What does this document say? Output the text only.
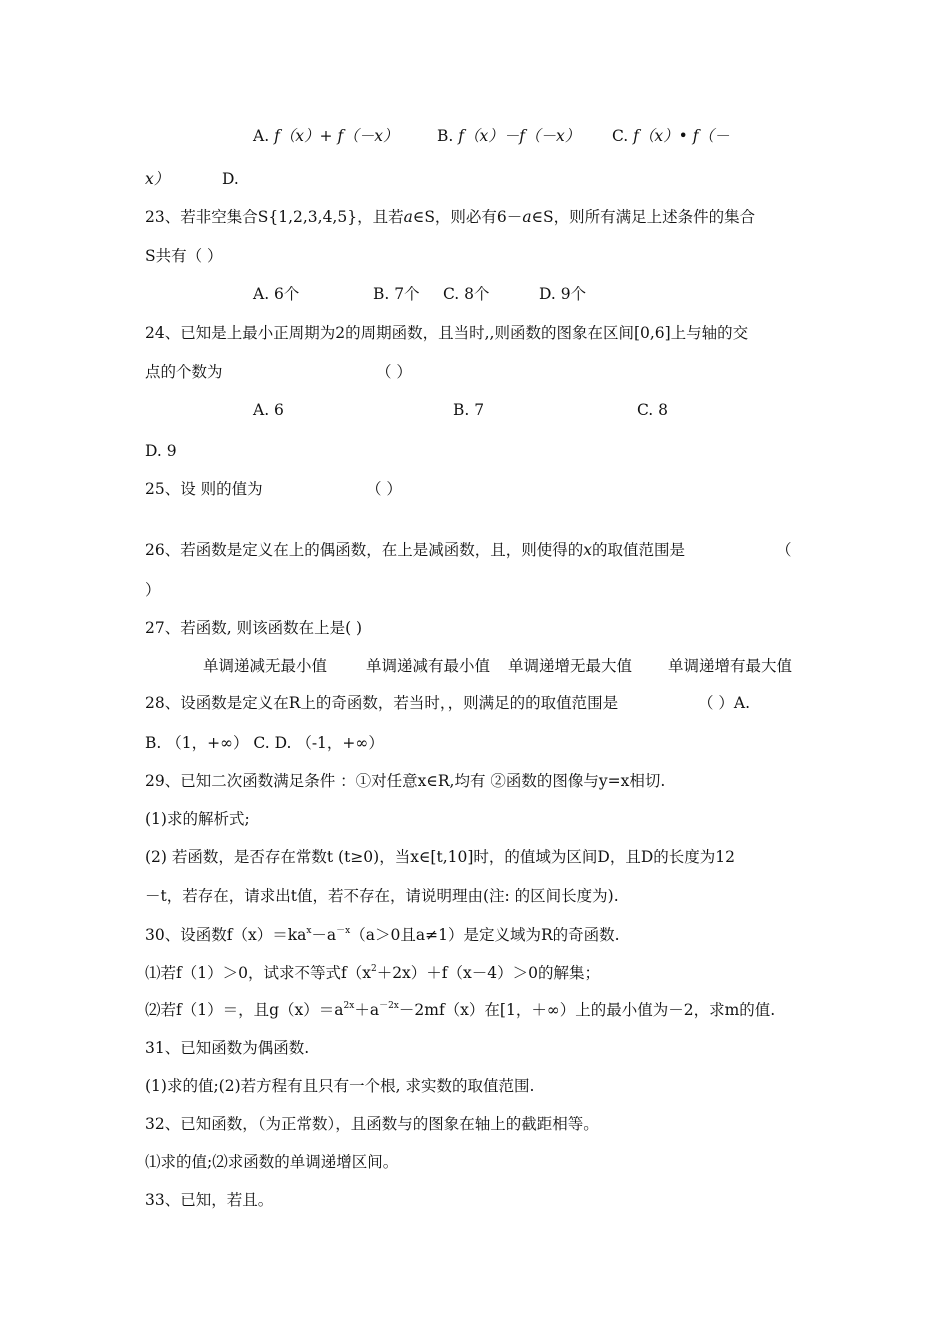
A. f（x）+ f（－x） B. f（x）－f（－x） C. f（x）• f（－
x）	D.
23、若非空集合S{1,2,3,4,5}，且若a∈S，则必有6－a∈S，则所有满足上述条件的集合
S共有（ ）
A. 6个	B. 7个 C. 8个	D. 9个
24、已知是上最小正周期为2的周期函数，且当时,,则函数的图象在区间[0,6]上与轴的交
点的个数为	（ ）
A. 6	B. 7	C. 8
D. 9
25、设 则的值为	（ ）
26、若函数是定义在上的偶函数，在上是减函数，且，则使得的x的取值范围是	（
）
27、若函数, 则该函数在上是( )
单调递减无最小值	单调递减有最小值 单调递增无最大值 单调递增有最大值
28、设函数是定义在R上的奇函数，若当时，，则满足的的取值范围是	（ ）A.
B. （1，+∞） C. D. （-1，+∞）
29、已知二次函数满足条件 ：①对任意x∈R,均有 ②函数的图像与y=x相切.
(1)求的解析式;
(2) 若函数，是否存在常数t (t≥0)，当x∈[t,10]时，的值域为区间D，且D的长度为12
－t，若存在，请求出t值，若不存在，请说明理由(注: 的区间长度为).
30、设函数$f(x)=ka^x-a^{-x}(a>0$且a≠1）是定义域为R的奇函数.
⑴若f（1）＞0，试求不等式$f(x^2+2x)+f(x-4)>0$的解集；
⑵若f（1）＝，且$g(x)=a^{2x}+a^{-2x}-2mf(x)$在[1，＋∞）上的最小值为－2，求m的值.
31、已知函数为偶函数.
(1)求的值;(2)若方程有且只有一个根, 求实数的取值范围.
32、已知函数，（为正常数），且函数与的图象在轴上的截距相等。
⑴求的值;⑵求函数的单调递增区间。
33、已知，若且。
